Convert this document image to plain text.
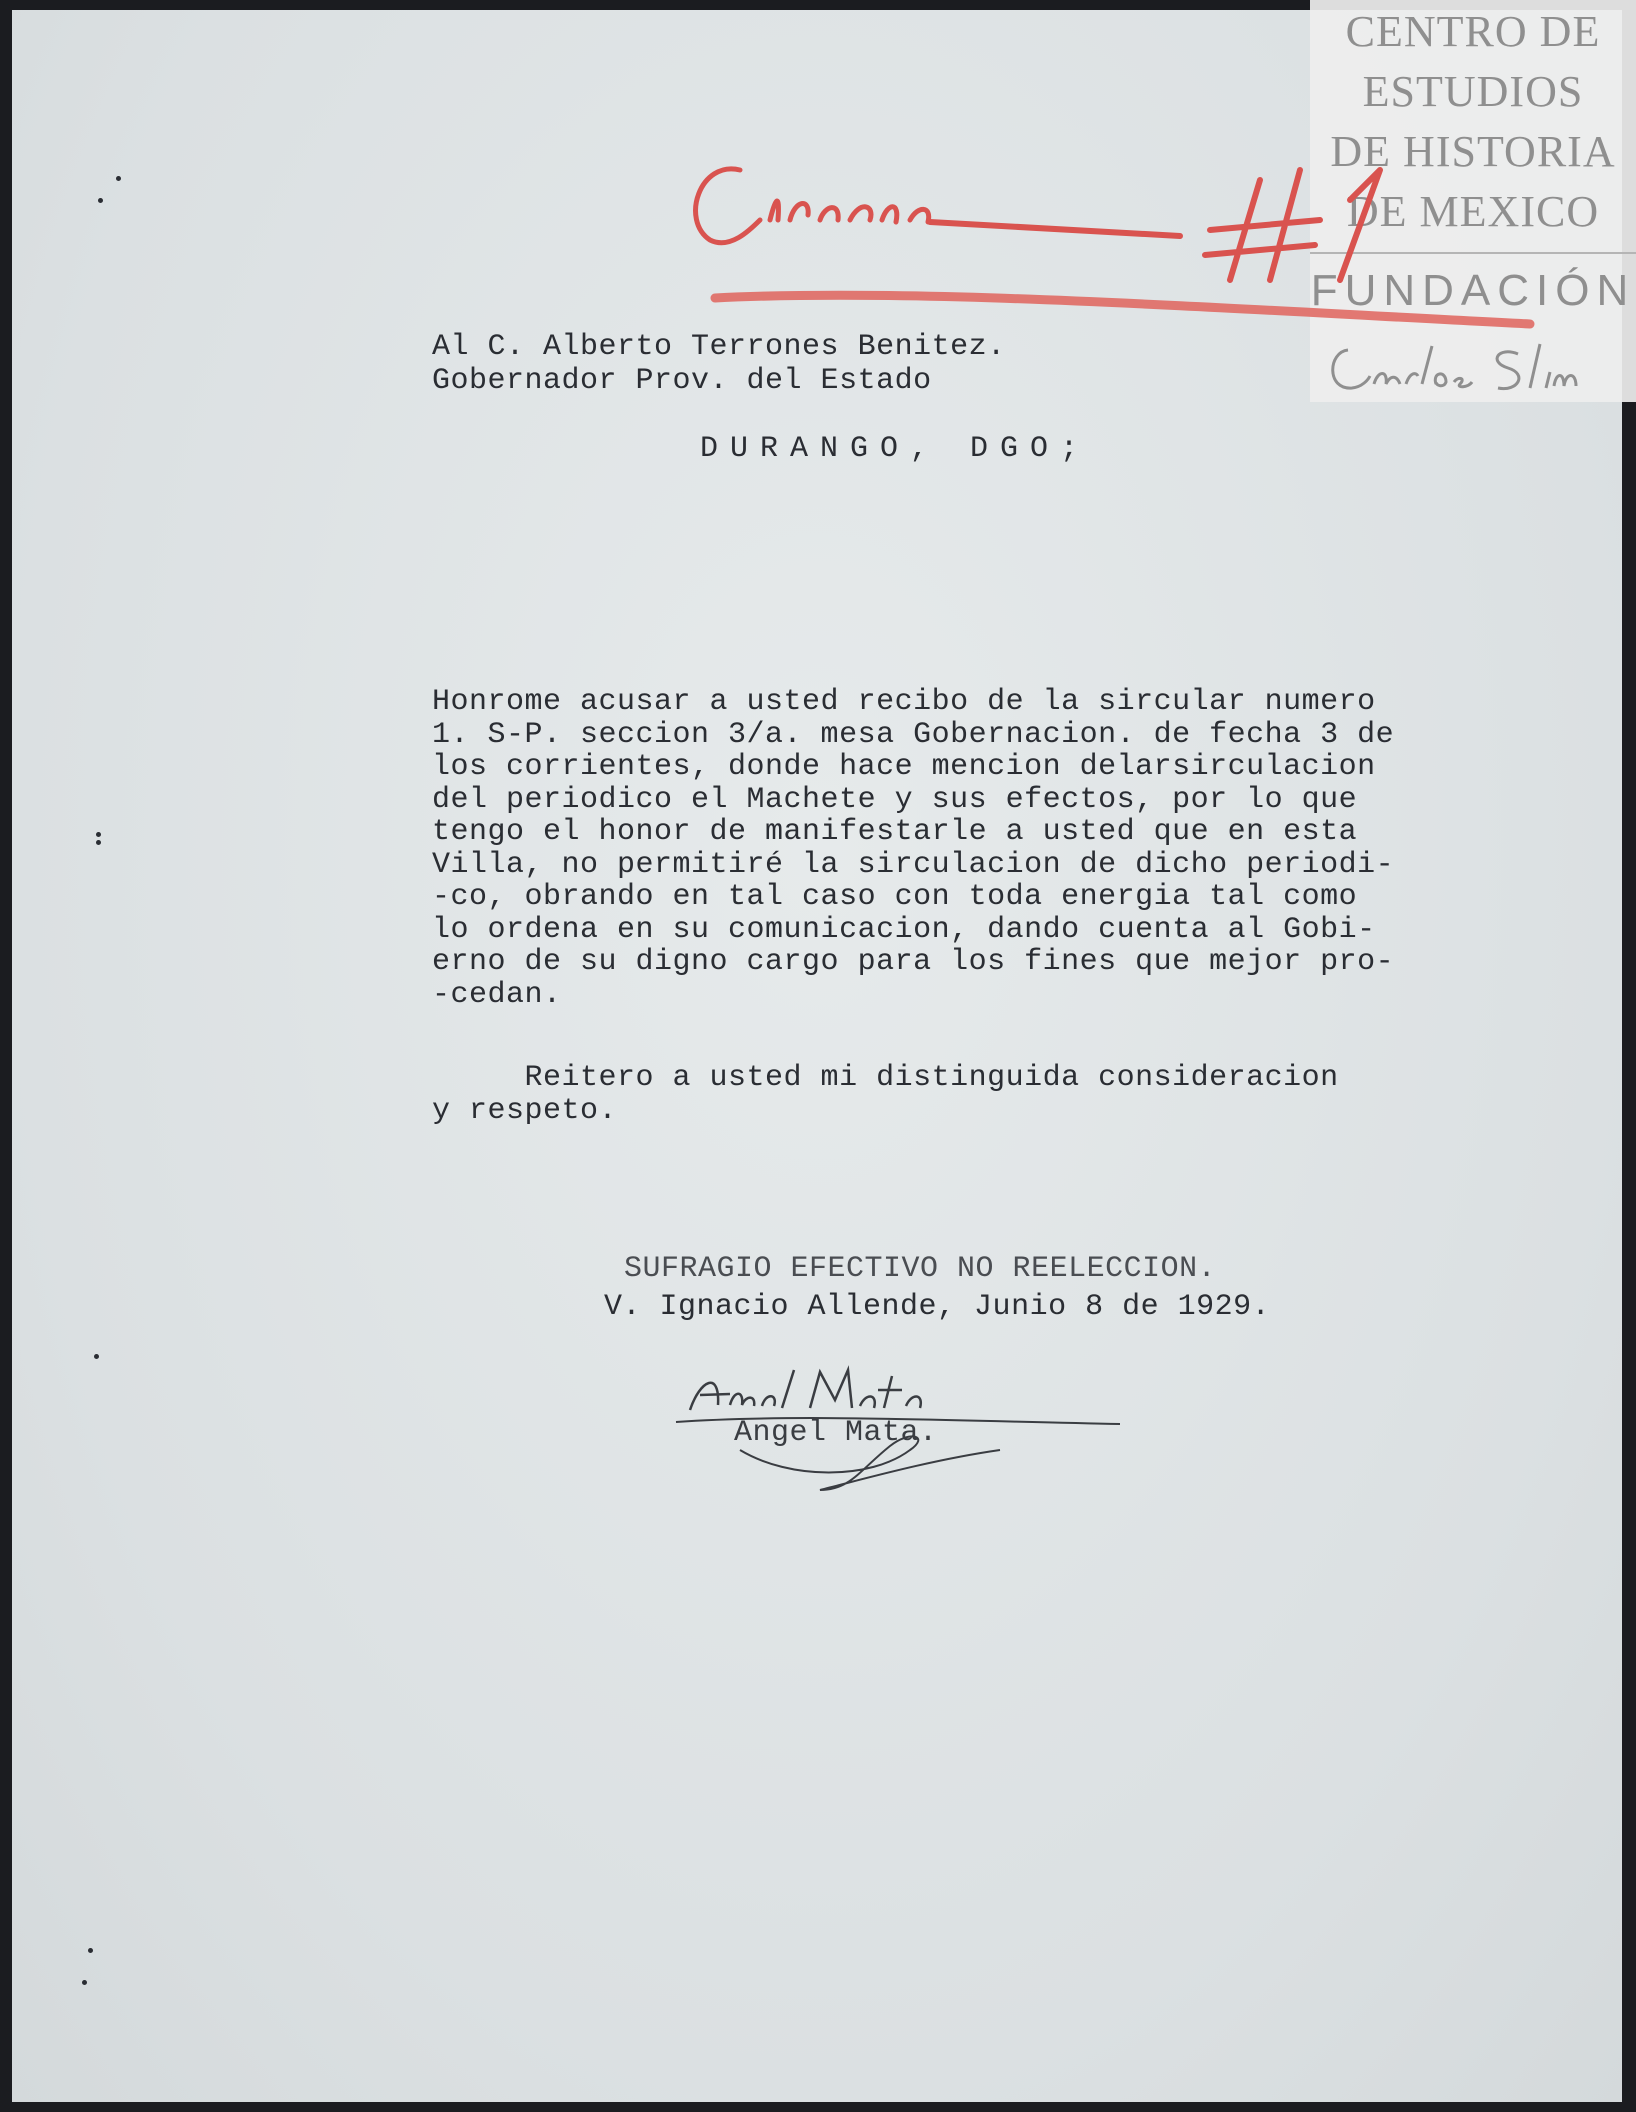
CENTRO DE
ESTUDIOS
DE HISTORIA
DE MEXICO
FUNDACIÓN
Al C. Alberto Terrones Benitez.
Gobernador Prov. del Estado
DURANGO, DGO;
Honrome acusar a usted recibo de la sircular numero
1. S-P. seccion 3/a. mesa Gobernacion. de fecha 3 de
los corrientes, donde hace mencion delarsirculacion
del periodico el Machete y sus efectos, por lo que
tengo el honor de manifestarle a usted que en esta
Villa, no permitiré la sirculacion de dicho periodi-
-co, obrando en tal caso con toda energia tal como
lo ordena en su comunicacion, dando cuenta al Gobi-
erno de su digno cargo para los fines que mejor pro-
-cedan.
Reitero a usted mi distinguida consideracion
y respeto.
SUFRAGIO EFECTIVO NO REELECCION.
V. Ignacio Allende, Junio 8 de 1929.
Angel Mata.
